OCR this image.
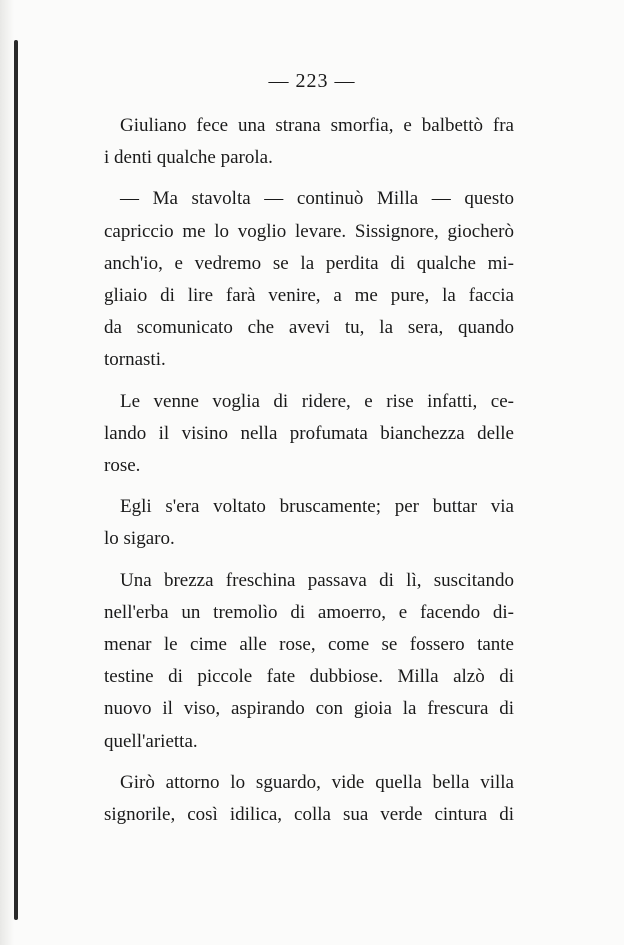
— 223 —
Giuliano fece una strana smorfia, e balbettò fra
i denti qualche parola.
— Ma stavolta — continuò Milla — questo
capriccio me lo voglio levare. Sissignore, giocherò
anch'io, e vedremo se la perdita di qualche mi-
gliaio di lire farà venire, a me pure, la faccia
da scomunicato che avevi tu, la sera, quando
tornasti.
Le venne voglia di ridere, e rise infatti, ce-
lando il visino nella profumata bianchezza delle
rose.
Egli s'era voltato bruscamente; per buttar via
lo sigaro.
Una brezza freschina passava di lì, suscitando
nell'erba un tremolìo di amoerro, e facendo di-
menar le cime alle rose, come se fossero tante
testine di piccole fate dubbiose. Milla alzò di
nuovo il viso, aspirando con gioia la frescura di
quell'arietta.
Girò attorno lo sguardo, vide quella bella villa
signorile, così idilica, colla sua verde cintura di
